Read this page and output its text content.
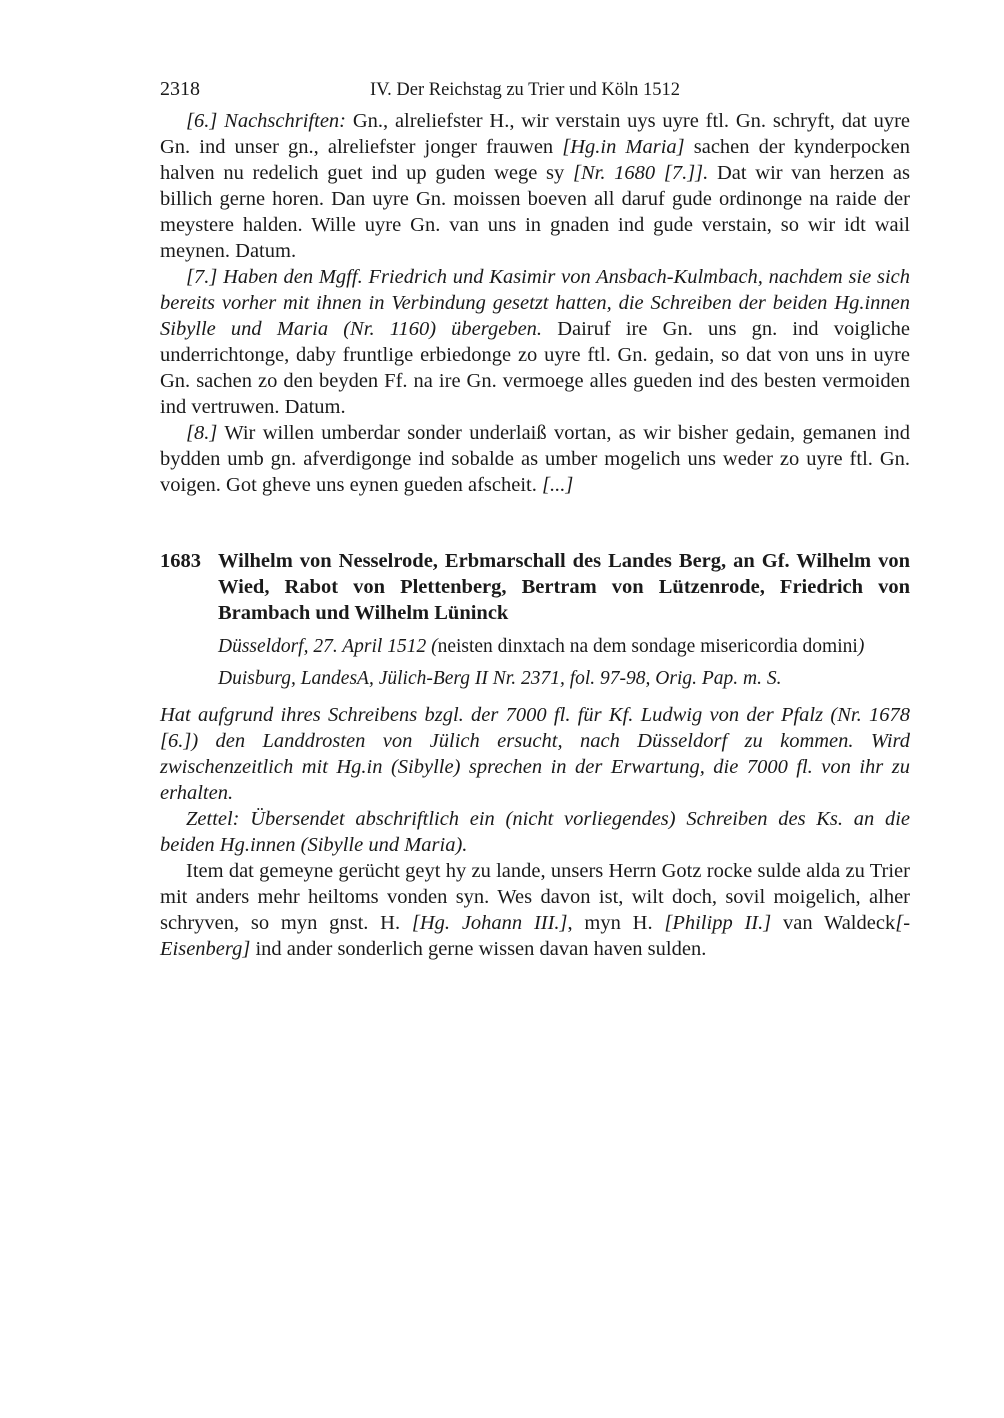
2318	IV. Der Reichstag zu Trier und Köln 1512

[6.] Nachschriften: Gn., alreliefster H., wir verstain uys uyre ftl. Gn. schryft, dat uyre Gn. ind unser gn., alreliefster jonger frauwen [Hg.in Maria] sachen der kynderpocken halven nu redelich guet ind up guden wege sy [Nr. 1680 [7.]]. Dat wir van herzen as billich gerne horen. Dan uyre Gn. moissen boeven all daruf gude ordinonge na raide der meystere halden. Wille uyre Gn. van uns in gnaden ind gude verstain, so wir idt wail meynen. Datum.

[7.] Haben den Mgff. Friedrich und Kasimir von Ansbach-Kulmbach, nachdem sie sich bereits vorher mit ihnen in Verbindung gesetzt hatten, die Schreiben der beiden Hg.innen Sibylle und Maria (Nr. 1160) übergeben. Dairuf ire Gn. uns gn. ind voigliche underrichtonge, daby fruntlige erbiedonge zo uyre ftl. Gn. gedain, so dat von uns in uyre Gn. sachen zo den beyden Ff. na ire Gn. vermoege alles gueden ind des besten vermoiden ind vertruwen. Datum.

[8.] Wir willen umberdar sonder underlaiß vortan, as wir bisher gedain, gemanen ind bydden umb gn. afverdigonge ind sobalde as umber mogelich uns weder zo uyre ftl. Gn. voigen. Got gheve uns eynen gueden afscheit. [...]

1683 Wilhelm von Nesselrode, Erbmarschall des Landes Berg, an Gf. Wilhelm von Wied, Rabot von Plettenberg, Bertram von Lützenrode, Friedrich von Brambach und Wilhelm Lüninck
Düsseldorf, 27. April 1512 (neisten dinxtach na dem sondage misericordia domini)
Duisburg, LandesA, Jülich-Berg II Nr. 2371, fol. 97-98, Orig. Pap. m. S.

Hat aufgrund ihres Schreibens bzgl. der 7000 fl. für Kf. Ludwig von der Pfalz (Nr. 1678 [6.]) den Landdrosten von Jülich ersucht, nach Düsseldorf zu kommen. Wird zwischenzeitlich mit Hg.in (Sibylle) sprechen in der Erwartung, die 7000 fl. von ihr zu erhalten.

Zettel: Übersendet abschriftlich ein (nicht vorliegendes) Schreiben des Ks. an die beiden Hg.innen (Sibylle und Maria).

Item dat gemeyne gerücht geyt hy zu lande, unsers Herrn Gotz rocke sulde alda zu Trier mit anders mehr heiltoms vonden syn. Wes davon ist, wilt doch, sovil moigelich, alher schryven, so myn gnst. H. [Hg. Johann III.], myn H. [Philipp II.] van Waldeck[-Eisenberg] ind ander sonderlich gerne wissen davan haven sulden.
